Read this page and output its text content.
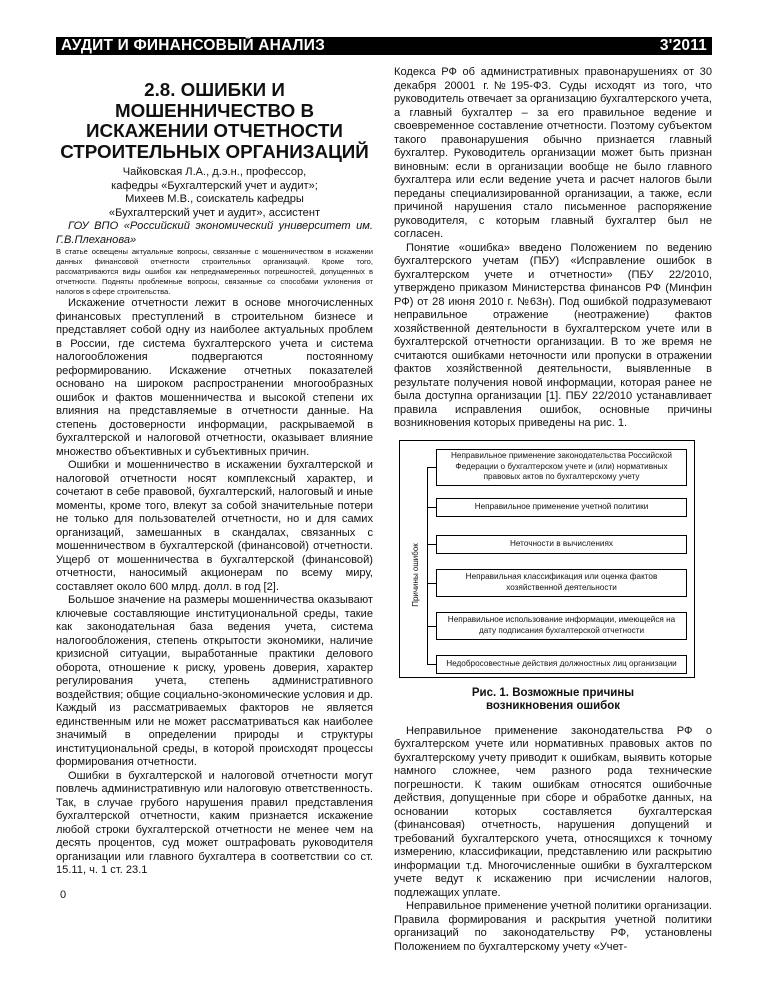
АУДИТ И ФИНАНСОВЫЙ АНАЛИЗ	3'2011
2.8. ОШИБКИ И МОШЕННИЧЕСТВО В ИСКАЖЕНИИ ОТЧЕТНОСТИ СТРОИТЕЛЬНЫХ ОРГАНИЗАЦИЙ
Чайковская Л.А., д.э.н., профессор,
кафедры «Бухгалтерский учет и аудит»;
Михеев М.В., соискатель кафедры
«Бухгалтерский учет и аудит», ассистент

ГОУ ВПО «Российский экономический университет им. Г.В.Плеханова»

В статье освещены актуальные вопросы, связанные с мошенничеством в искажении данных финансовой отчетности строительных организаций. Кроме того, рассматриваются виды ошибок как непреднамеренных погрешностей, допущенных в отчетности. Подняты проблемные вопросы, связанные со способами уклонения от налогов в сфере строительства.

Искажение отчетности лежит в основе многочисленных финансовых преступлений в строительном бизнесе и представляет собой одну из наиболее актуальных проблем в России, где система бухгалтерского учета и система налогообложения подвергаются постоянному реформированию. Искажение отчетных показателей основано на широком распространении многообразных ошибок и фактов мошенничества и высокой степени их влияния на представляемые в отчетности данные. На степень достоверности информации, раскрываемой в бухгалтерской и налоговой отчетности, оказывает влияние множество объективных и субъективных причин.

Ошибки и мошенничество в искажении бухгалтерской и налоговой отчетности носят комплексный характер, и сочетают в себе правовой, бухгалтерский, налоговый и иные моменты, кроме того, влекут за собой значительные потери не только для пользователей отчетности, но и для самих организаций, замешанных в скандалах, связанных с мошенничеством в бухгалтерской (финансовой) отчетности. Ущерб от мошенничества в бухгалтерской (финансовой) отчетности, наносимый акционерам по всему миру, составляет около 600 млрд. долл. в год [2].

Большое значение на размеры мошенничества оказывают ключевые составляющие институциональной среды, такие как законодательная база ведения учета, система налогообложения, степень открытости экономики, наличие кризисной ситуации, выработанные практики делового оборота, отношение к риску, уровень доверия, характер регулирования учета, степень административного воздействия; общие социально-экономические условия и др. Каждый из рассматриваемых факторов не является единственным или не может рассматриваться как наиболее значимый в определении природы и структуры институциональной среды, в которой происходят процессы формирования отчетности.

Ошибки в бухгалтерской и налоговой отчетности могут повлечь административную или налоговую ответственность. Так, в случае грубого нарушения правил представления бухгалтерской отчетности, каким признается искажение любой строки бухгалтерской отчетности не менее чем на десять процентов, суд может оштрафовать руководителя организации или главного бухгалтера в соответствии со ст. 15.11, ч. 1 ст. 23.1

Кодекса РФ об административных правонарушениях от 30 декабря 20001 г.№195-ФЗ. Суды исходят из того, что руководитель отвечает за организацию бухгалтерского учета, а главный бухгалтер – за его правильное ведение и своевременное составление отчетности. Поэтому субъектом такого правонарушения обычно признается главный бухгалтер. Руководитель организации может быть признан виновным: если в организации вообще не было главного бухгалтера или если ведение учета и расчет налогов были переданы специализированной организации, а также, если причиной нарушения стало письменное распоряжение руководителя, с которым главный бухгалтер был не согласен.

Понятие «ошибка» введено Положением по ведению бухгалтерского учетам (ПБУ) «Исправление ошибок в бухгалтерском учете и отчетности» (ПБУ 22/2010, утверждено приказом Министерства финансов РФ (Минфин РФ) от 28 июня 2010 г. №63н). Под ошибкой подразумевают неправильное отражение (неотражение) фактов хозяйственной деятельности в бухгалтерском учете или в бухгалтерской отчетности организации. В то же время не считаются ошибками неточности или пропуски в отражении фактов хозяйственной деятельности, выявленные в результате получения новой информации, которая ранее не была доступна организации [1]. ПБУ 22/2010 устанавливает правила исправления ошибок, основные причины возникновения которых приведены на рис. 1.

Причины ошибок
Неправильное применение законодательства Российской Федерации о бухгалтерском учете и (или) нормативных правовых актов по бухгалтерскому учету
Неправильное применение учетной политики
Неточности в вычислениях
Неправильная классификация или оценка фактов хозяйственной деятельности
Неправильное использование информации, имеющейся на дату подписания бухгалтерской отчетности
Недобросовестные действия должностных лиц организации
Рис. 1. Возможные причины
возникновения ошибок

Неправильное применение законодательства РФ о бухгалтерском учете или нормативных правовых актов по бухгалтерскому учету приводит к ошибкам, выявить которые намного сложнее, чем разного рода технические погрешности. К таким ошибкам относятся ошибочные действия, допущенные при сборе и обработке данных, на основании которых составляется бухгалтерская (финансовая) отчетность, нарушения допущений и требований бухгалтерского учета, относящихся к точному измерению, классификации, представлению или раскрытию информации т.д. Многочисленные ошибки в бухгалтерском учете ведут к искажению при исчислении налогов, подлежащих уплате.

Неправильное применение учетной политики организации. Правила формирования и раскрытия учетной политики организаций по законодательству РФ, установлены Положением по бухгалтерскому учету «Учет-

0
